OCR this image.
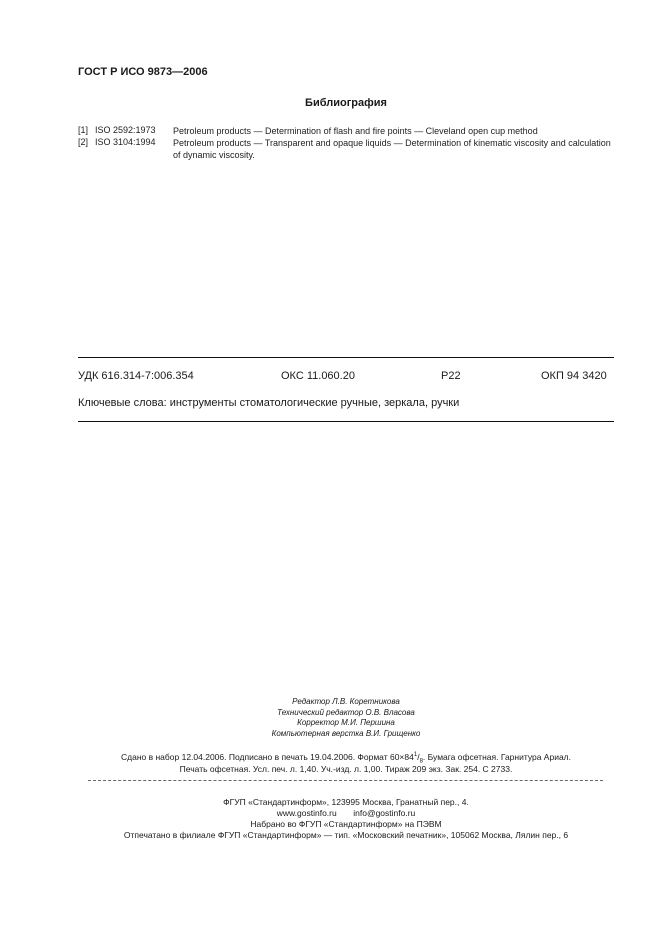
ГОСТ Р ИСО 9873—2006
Библиография
[1] ISO 2592:1973 Petroleum products — Determination of flash and fire points — Cleveland open cup method
[2] ISO 3104:1994 Petroleum products — Transparent and opaque liquids — Determination of kinematic viscosity and calculation of dynamic viscosity.
УДК 616.314-7:006.354	ОКС 11.060.20	Р22	ОКП 94 3420
Ключевые слова: инструменты стоматологические ручные, зеркала, ручки
Редактор Л.В. Коретникова
Технический редактор О.В. Власова
Корректор М.И. Першина
Компьютерная верстка В.И. Грищенко
Сдано в набор 12.04.2006. Подписано в печать 19.04.2006. Формат $60\times 84^1/_8$. Бумага офсетная. Гарнитура Ариал.
Печать офсетная. Усл. печ. л. 1,40. Уч.-изд. л. 1,00. Тираж 209 экз. Зак. 254. С 2733.
ФГУП «Стандартинформ», 123995 Москва, Гранатный пер., 4.
www.gostinfo.ru info@gostinfo.ru
Набрано во ФГУП «Стандартинформ» на ПЭВМ
Отпечатано в филиале ФГУП «Стандартинформ» — тип. «Московский печатник», 105062 Москва, Лялин пер., 6
